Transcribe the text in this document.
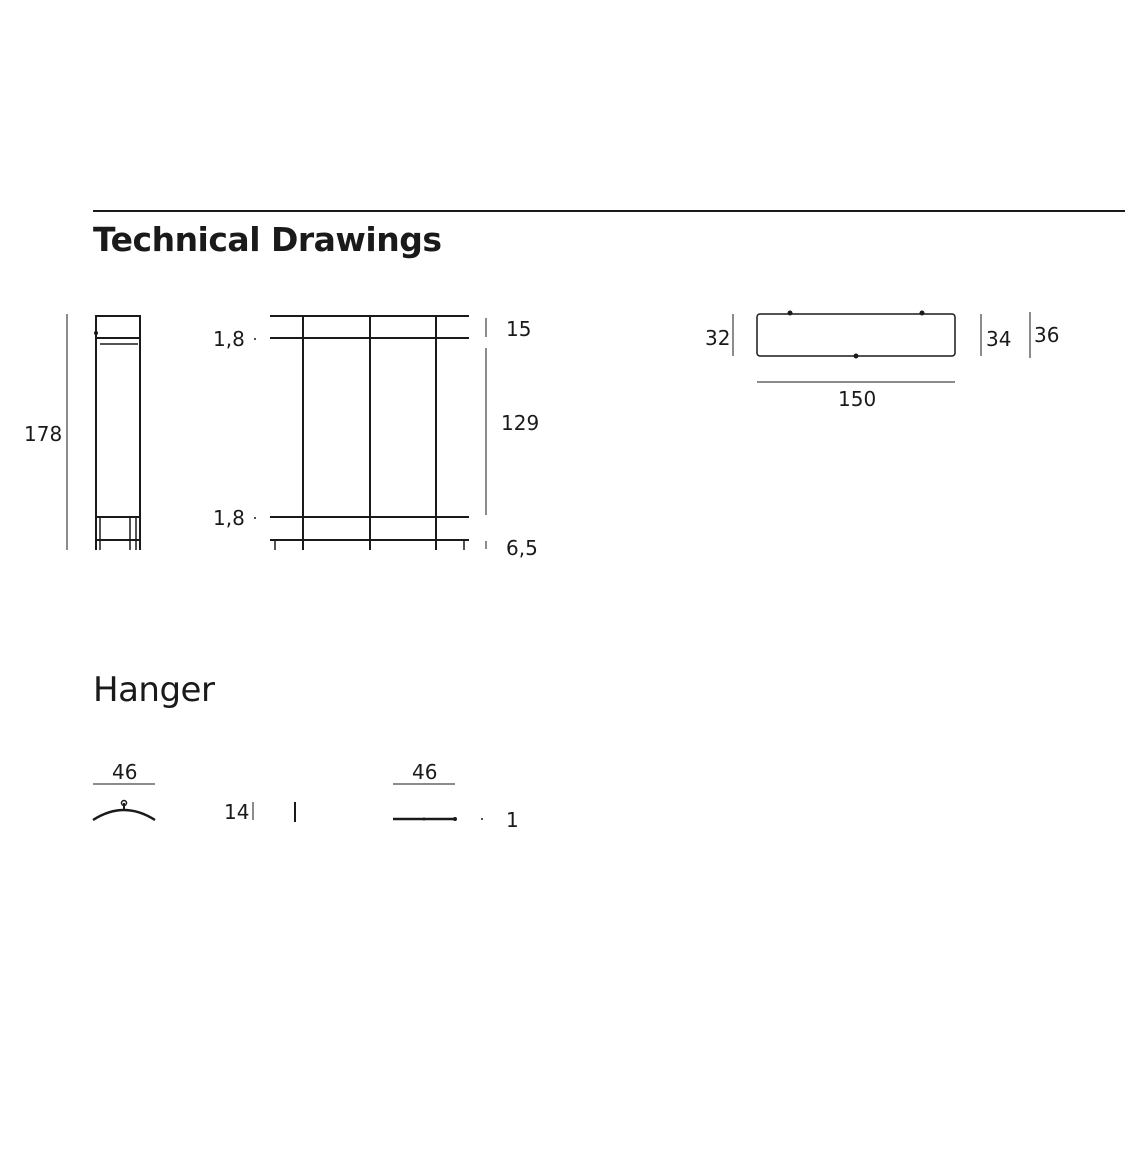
Technical Drawings
Hanger
178
1,8
1,8
15
129
6,5
32	34 36
150
46
14
46
1
